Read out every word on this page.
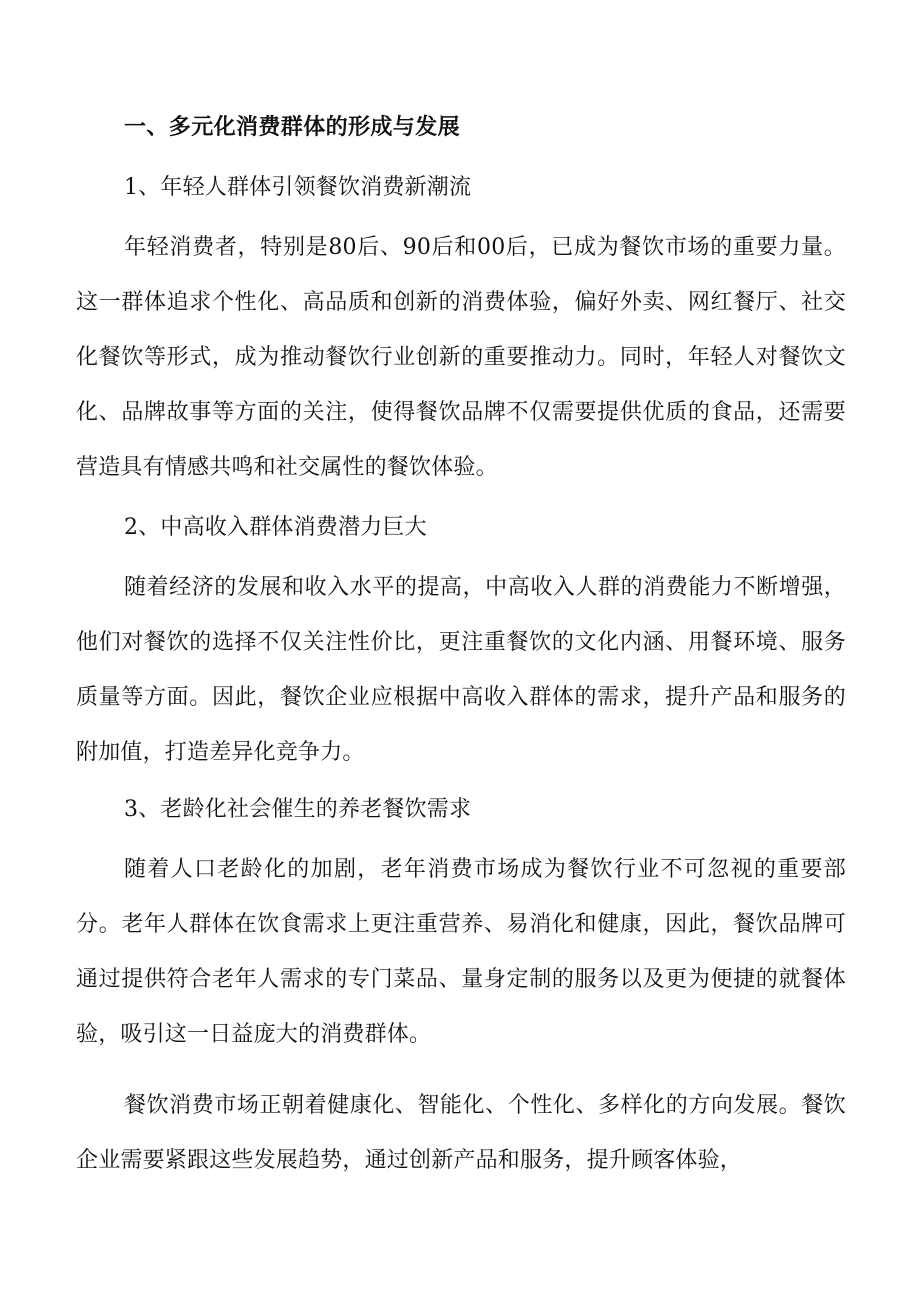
一、多元化消费群体的形成与发展

1、年轻人群体引领餐饮消费新潮流

年轻消费者，特别是80后、90后和00后，已成为餐饮市场的重要力量。这一群体追求个性化、高品质和创新的消费体验，偏好外卖、网红餐厅、社交化餐饮等形式，成为推动餐饮行业创新的重要推动力。同时，年轻人对餐饮文化、品牌故事等方面的关注，使得餐饮品牌不仅需要提供优质的食品，还需要营造具有情感共鸣和社交属性的餐饮体验。

2、中高收入群体消费潜力巨大

随着经济的发展和收入水平的提高，中高收入人群的消费能力不断增强，他们对餐饮的选择不仅关注性价比，更注重餐饮的文化内涵、用餐环境、服务质量等方面。因此，餐饮企业应根据中高收入群体的需求，提升产品和服务的附加值，打造差异化竞争力。

3、老龄化社会催生的养老餐饮需求

随着人口老龄化的加剧，老年消费市场成为餐饮行业不可忽视的重要部分。老年人群体在饮食需求上更注重营养、易消化和健康，因此，餐饮品牌可通过提供符合老年人需求的专门菜品、量身定制的服务以及更为便捷的就餐体验，吸引这一日益庞大的消费群体。

餐饮消费市场正朝着健康化、智能化、个性化、多样化的方向发展。餐饮企业需要紧跟这些发展趋势，通过创新产品和服务，提升顾客体验，
